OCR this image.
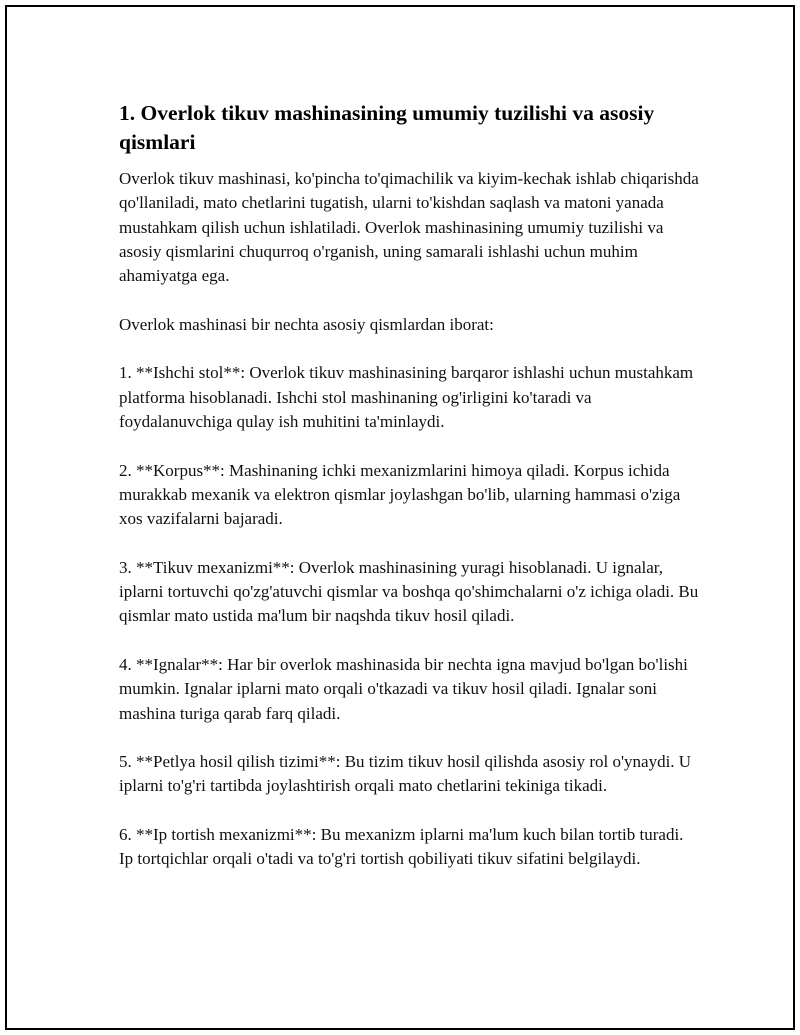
1. Overlok tikuv mashinasining umumiy tuzilishi va asosiy qismlari

Overlok tikuv mashinasi, ko'pincha to'qimachilik va kiyim-kechak ishlab chiqarishda qo'llaniladi, mato chetlarini tugatish, ularni to'kishdan saqlash va matoni yanada mustahkam qilish uchun ishlatiladi. Overlok mashinasining umumiy tuzilishi va asosiy qismlarini chuqurroq o'rganish, uning samarali ishlashi uchun muhim ahamiyatga ega.

Overlok mashinasi bir nechta asosiy qismlardan iborat:

1. **Ishchi stol**: Overlok tikuv mashinasining barqaror ishlashi uchun mustahkam platforma hisoblanadi. Ishchi stol mashinaning og'irligini ko'taradi va foydalanuvchiga qulay ish muhitini ta'minlaydi.

2. **Korpus**: Mashinaning ichki mexanizmlarini himoya qiladi. Korpus ichida murakkab mexanik va elektron qismlar joylashgan bo'lib, ularning hammasi o'ziga xos vazifalarni bajaradi.

3. **Tikuv mexanizmi**: Overlok mashinasining yuragi hisoblanadi. U ignalar, iplarni tortuvchi qo'zg'atuvchi qismlar va boshqa qo'shimchalarni o'z ichiga oladi. Bu qismlar mato ustida ma'lum bir naqshda tikuv hosil qiladi.

4. **Ignalar**: Har bir overlok mashinasida bir nechta igna mavjud bo'lgan bo'lishi mumkin. Ignalar iplarni mato orqali o'tkazadi va tikuv hosil qiladi. Ignalar soni mashina turiga qarab farq qiladi.

5. **Petlya hosil qilish tizimi**: Bu tizim tikuv hosil qilishda asosiy rol o'ynaydi. U iplarni to'g'ri tartibda joylashtirish orqali mato chetlarini tekiniga tikadi.

6. **Ip tortish mexanizmi**: Bu mexanizm iplarni ma'lum kuch bilan tortib turadi. Ip tortqichlar orqali o'tadi va to'g'ri tortish qobiliyati tikuv sifatini belgilaydi.
